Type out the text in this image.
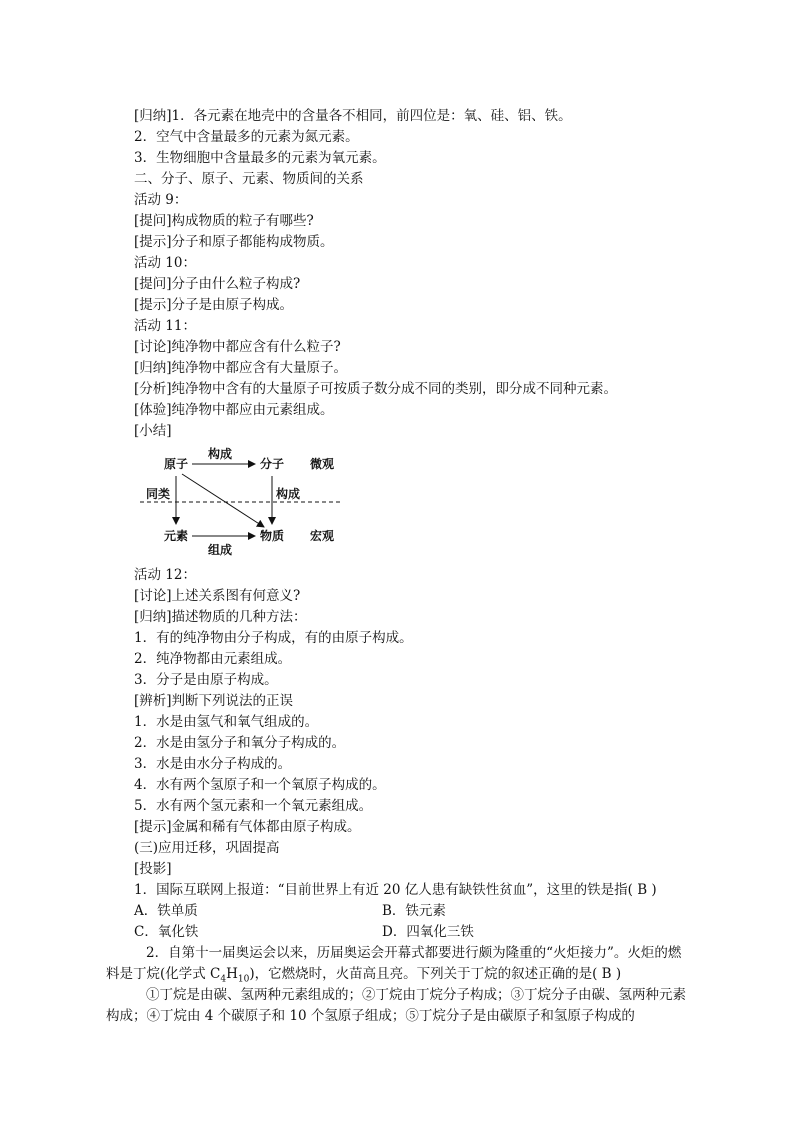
[归纳]1．各元素在地壳中的含量各不相同，前四位是：氧、硅、铝、铁。
2．空气中含量最多的元素为氮元素。
3．生物细胞中含量最多的元素为氧元素。
二、分子、原子、元素、物质间的关系
活动 9：
[提问]构成物质的粒子有哪些?
[提示]分子和原子都能构成物质。
活动 10：
[提问]分子由什么粒子构成?
[提示]分子是由原子构成。
活动 11：
[讨论]纯净物中都应含有什么粒子?
[归纳]纯净物中都应含有大量原子。
[分析]纯净物中含有的大量原子可按质子数分成不同的类别，即分成不同种元素。
[体验]纯净物中都应由元素组成。
[小结]
原子	分子 微观
构成
同类	构成
元素	物质 宏观
组成
活动 12：
[讨论]上述关系图有何意义?
[归纳]描述物质的几种方法：
1．有的纯净物由分子构成，有的由原子构成。
2．纯净物都由元素组成。
3．分子是由原子构成。
[辨析]判断下列说法的正误
1．水是由氢气和氧气组成的。
2．水是由氢分子和氧分子构成的。
3．水是由水分子构成的。
4．水有两个氢原子和一个氧原子构成的。
5．水有两个氢元素和一个氧元素组成。
[提示]金属和稀有气体都由原子构成。
(三)应用迁移，巩固提高
[投影]
1．国际互联网上报道：“目前世界上有近 20 亿人患有缺铁性贫血”，这里的铁是指( B )
A．铁单质	B．铁元素
C．氧化铁	D．四氧化三铁
2．自第十一届奥运会以来，历届奥运会开幕式都要进行颇为隆重的“火炬接力”。火炬的燃
料是丁烷(化学式 $C_4H_{10}$)，它燃烧时，火苗高且亮。下列关于丁烷的叙述正确的是( B )
①丁烷是由碳、氢两种元素组成的；②丁烷由丁烷分子构成；③丁烷分子由碳、氢两种元素
构成；④丁烷由 4 个碳原子和 10 个氢原子组成；⑤丁烷分子是由碳原子和氢原子构成的
